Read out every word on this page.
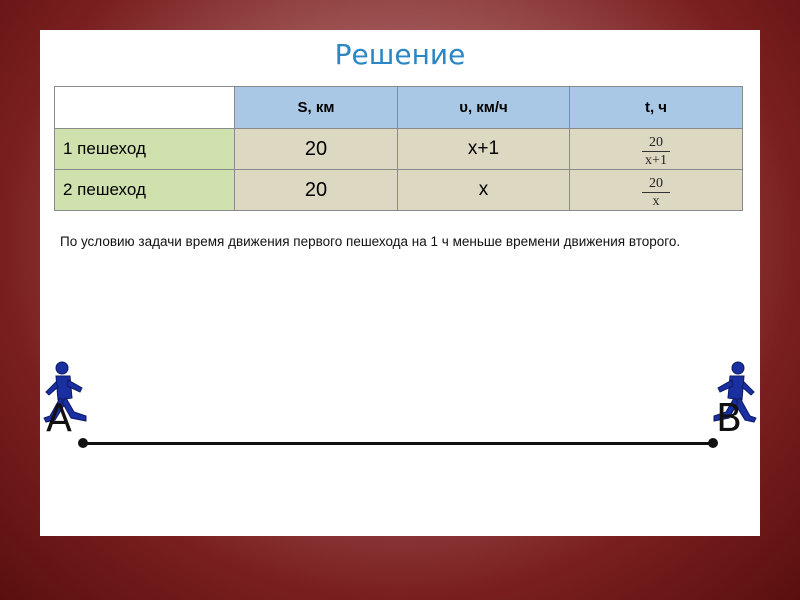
Решение
	S, км	υ, км/ч	t, ч
1 пешеход	20	x+1	$\frac{20}{x+1}$

2 пешеход	20	x	$\frac{20}{x}$
По условию задачи время движения первого пешехода на 1 ч меньше времени движения второго.
A	B
